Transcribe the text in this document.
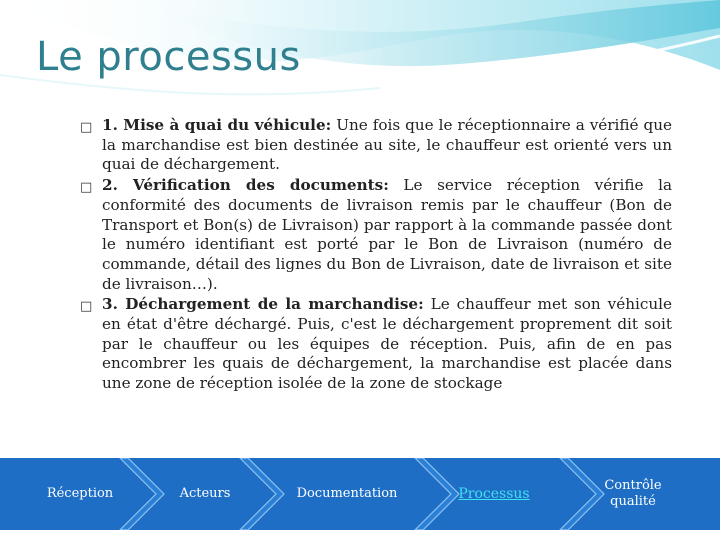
Le processus
□ 1. Mise à quai du véhicule: Une fois que le réceptionnaire a vérifié que la marchandise est bien destinée au site, le chauffeur est orienté vers un quai de déchargement.
□ 2. Vérification des documents: Le service réception vérifie la conformité des documents de livraison remis par le chauffeur (Bon de Transport et Bon(s) de Livraison) par rapport à la commande passée dont le numéro identifiant est porté par le Bon de Livraison (numéro de commande, détail des lignes du Bon de Livraison, date de livraison et site de livraison…).
□ 3. Déchargement de la marchandise: Le chauffeur met son véhicule en état d'être déchargé. Puis, c'est le déchargement proprement dit soit par le chauffeur ou les équipes de réception. Puis, afin de en pas encombrer les quais de déchargement, la marchandise est placée dans une zone de réception isolée de la zone de stockage
Réception	Acteurs	Documentation	Processus
Contrôle qualité
